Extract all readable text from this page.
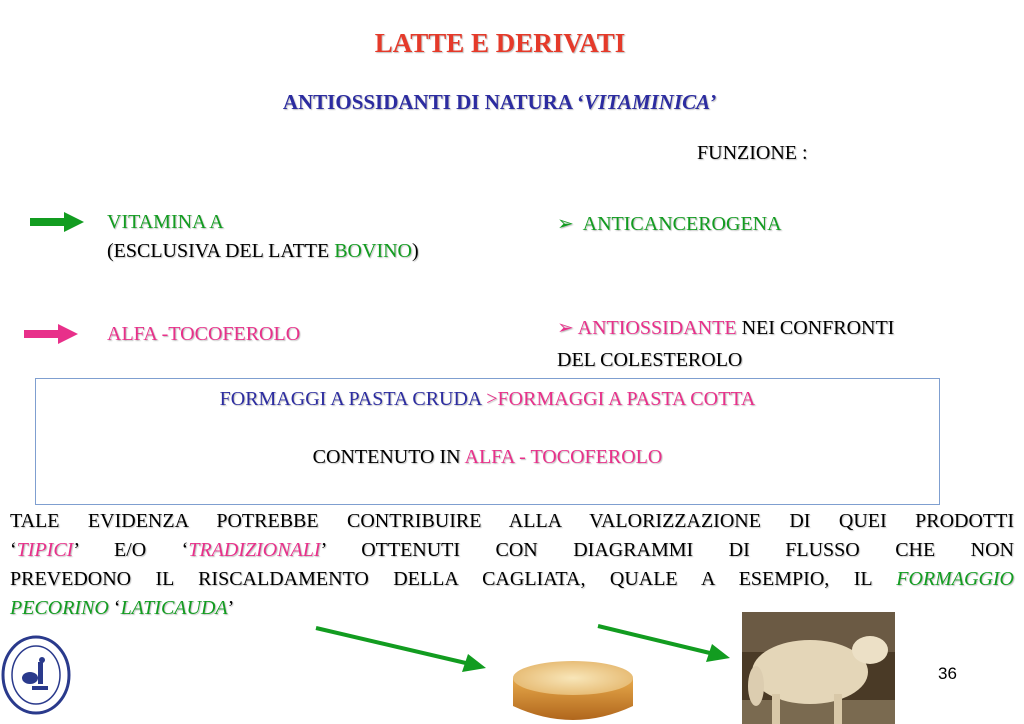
LATTE E DERIVATI
ANTIOSSIDANTI DI NATURA ‘VITAMINICA’
FUNZIONE :
VITAMINA A
(ESCLUSIVA DEL LATTE BOVINO)
➢ ANTICANCEROGENA
ALFA -TOCOFEROLO	➢ ANTIOSSIDANTE NEI CONFRONTI
DEL COLESTEROLO
FORMAGGI A PASTA CRUDA >FORMAGGI A PASTA COTTA
CONTENUTO IN ALFA - TOCOFEROLO
TALE EVIDENZA POTREBBE CONTRIBUIRE ALLA VALORIZZAZIONE DI QUEI PRODOTTI
‘TIPICI’ E/O ‘TRADIZIONALI’ OTTENUTI CON DIAGRAMMI DI FLUSSO CHE NON
PREVEDONO IL RISCALDAMENTO DELLA CAGLIATA, QUALE A ESEMPIO, IL FORMAGGIO
PECORINO ‘LATICAUDA’
36
